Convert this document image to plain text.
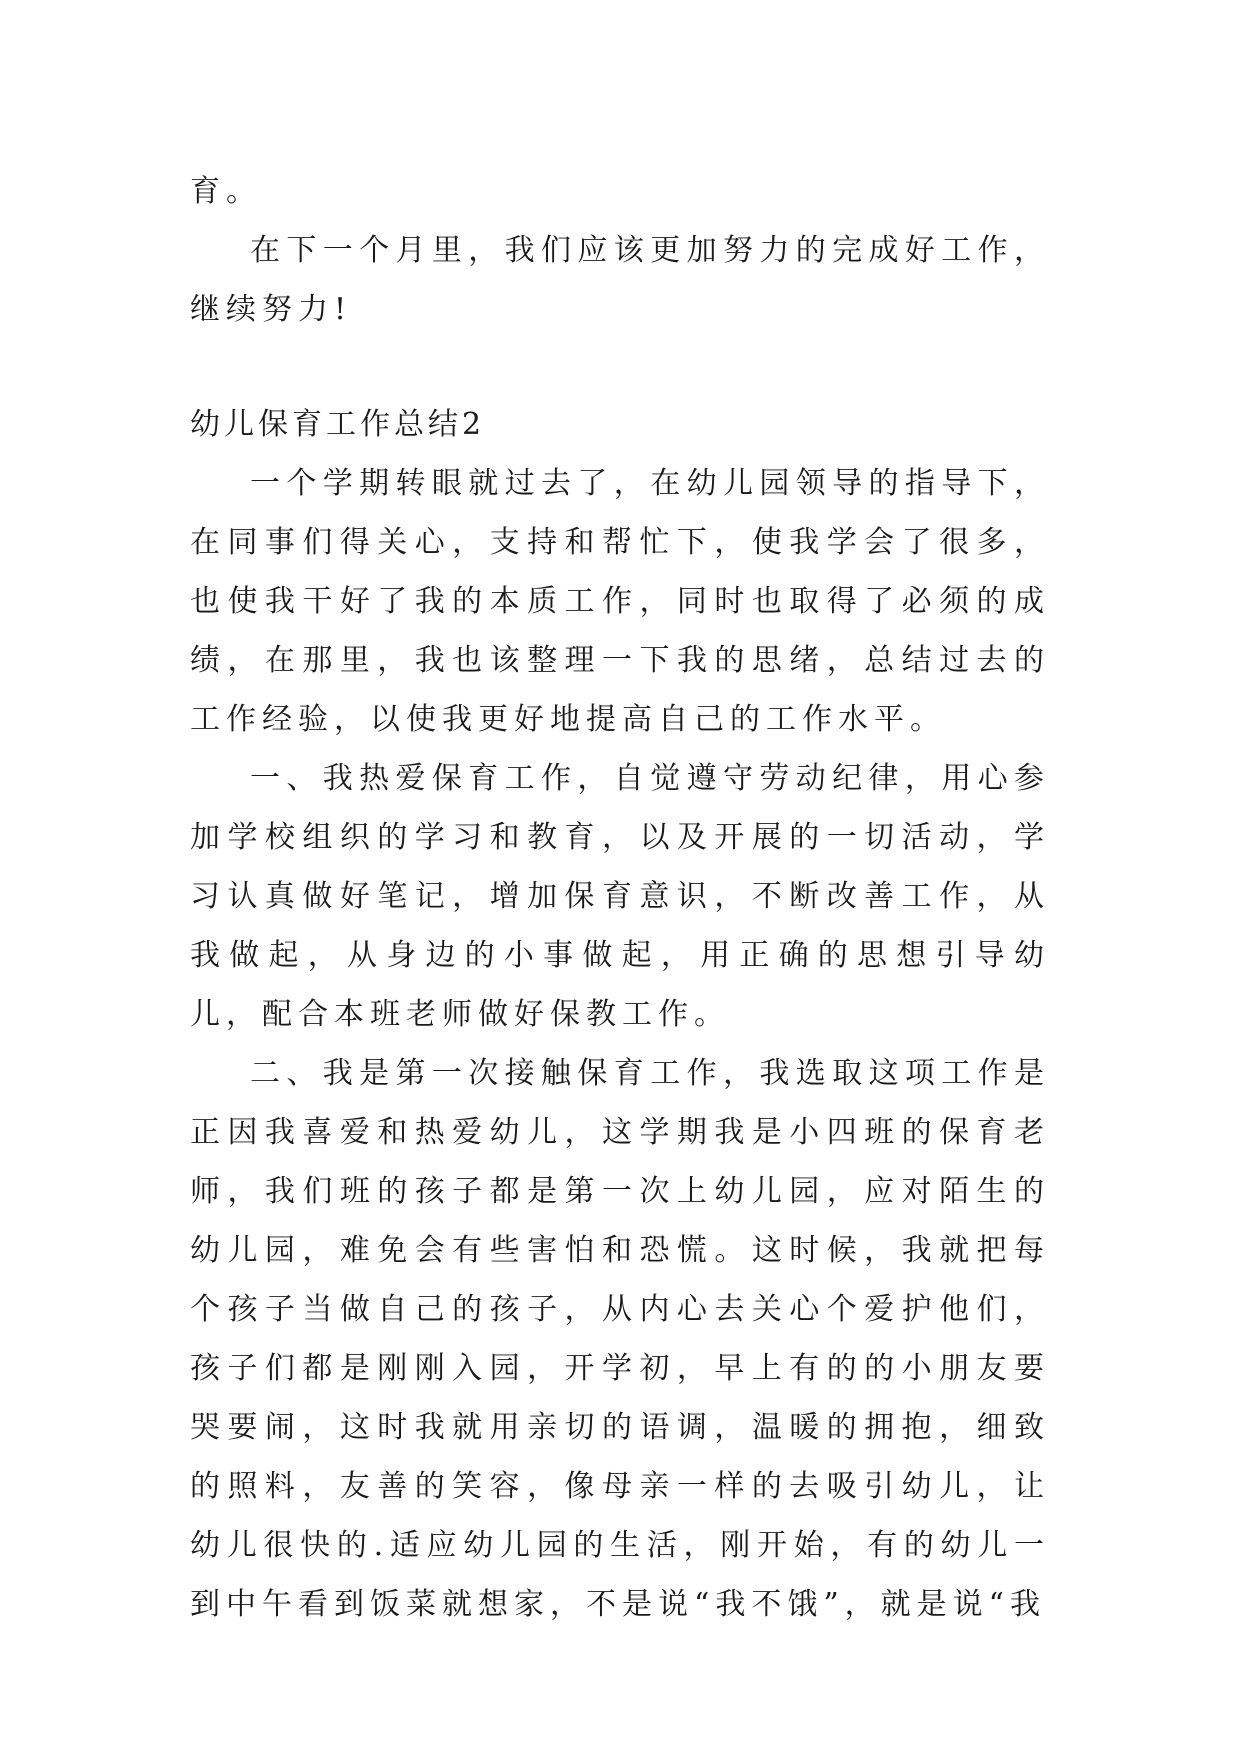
育。

在下一个月里，我们应该更加努力的完成好工作，继续努力!

幼儿保育工作总结2

一个学期转眼就过去了，在幼儿园领导的指导下，在同事们得关心，支持和帮忙下，使我学会了很多，也使我干好了我的本质工作，同时也取得了必须的成绩，在那里，我也该整理一下我的思绪，总结过去的工作经验，以使我更好地提高自己的工作水平。

一、我热爱保育工作，自觉遵守劳动纪律，用心参加学校组织的学习和教育，以及开展的一切活动，学习认真做好笔记，增加保育意识，不断改善工作，从我做起，从身边的小事做起，用正确的思想引导幼儿，配合本班老师做好保教工作。

二、我是第一次接触保育工作，我选取这项工作是正因我喜爱和热爱幼儿，这学期我是小四班的保育老师，我们班的孩子都是第一次上幼儿园，应对陌生的幼儿园，难免会有些害怕和恐慌。这时候，我就把每个孩子当做自己的孩子，从内心去关心个爱护他们，孩子们都是刚刚入园，开学初，早上有的的小朋友要哭要闹，这时我就用亲切的语调，温暖的拥抱，细致的照料，友善的笑容，像母亲一样的去吸引幼儿，让幼儿很快的.适应幼儿园的生活，刚开始，有的幼儿一到中午看到饭菜就想家，不是说“我不饿”，就是说“我
